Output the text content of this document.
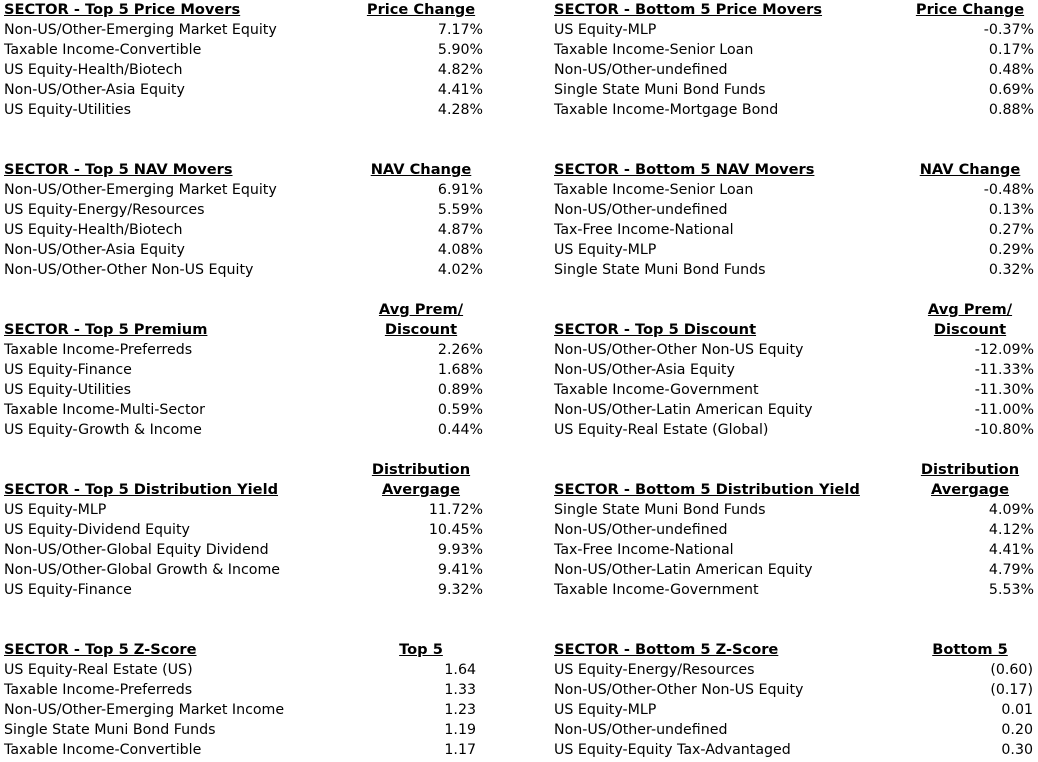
SECTOR - Top 5 Price Movers	Price Change
Non-US/Other-Emerging Market Equity	7.17%
Taxable Income-Convertible	5.90%
US Equity-Health/Biotech	4.82%
Non-US/Other-Asia Equity	4.41%
US Equity-Utilities	4.28%
SECTOR - Bottom 5 Price Movers	Price Change
US Equity-MLP	-0.37%
Taxable Income-Senior Loan	0.17%
Non-US/Other-undefined	0.48%
Single State Muni Bond Funds	0.69%
Taxable Income-Mortgage Bond	0.88%
SECTOR - Top 5 NAV Movers	NAV Change
Non-US/Other-Emerging Market Equity	6.91%
US Equity-Energy/Resources	5.59%
US Equity-Health/Biotech	4.87%
Non-US/Other-Asia Equity	4.08%
Non-US/Other-Other Non-US Equity	4.02%
SECTOR - Bottom 5 NAV Movers	NAV Change
Taxable Income-Senior Loan	-0.48%
Non-US/Other-undefined	0.13%
Tax-Free Income-National	0.27%
US Equity-MLP	0.29%
Single State Muni Bond Funds	0.32%
Avg Prem/
SECTOR - Top 5 Premium	Discount
Taxable Income-Preferreds	2.26%
US Equity-Finance	1.68%
US Equity-Utilities	0.89%
Taxable Income-Multi-Sector	0.59%
US Equity-Growth & Income	0.44%
Avg Prem/
SECTOR - Top 5 Discount	Discount
Non-US/Other-Other Non-US Equity	-12.09%
Non-US/Other-Asia Equity	-11.33%
Taxable Income-Government	-11.30%
Non-US/Other-Latin American Equity	-11.00%
US Equity-Real Estate (Global)	-10.80%
Distribution
SECTOR - Top 5 Distribution Yield	Avergage
US Equity-MLP	11.72%
US Equity-Dividend Equity	10.45%
Non-US/Other-Global Equity Dividend	9.93%
Non-US/Other-Global Growth & Income	9.41%
US Equity-Finance	9.32%
Distribution
SECTOR - Bottom 5 Distribution Yield	Avergage
Single State Muni Bond Funds	4.09%
Non-US/Other-undefined	4.12%
Tax-Free Income-National	4.41%
Non-US/Other-Latin American Equity	4.79%
Taxable Income-Government	5.53%
SECTOR - Top 5 Z-Score	Top 5
US Equity-Real Estate (US)	1.64
Taxable Income-Preferreds	1.33
Non-US/Other-Emerging Market Income	1.23
Single State Muni Bond Funds	1.19
Taxable Income-Convertible	1.17
SECTOR - Bottom 5 Z-Score	Bottom 5
US Equity-Energy/Resources	(0.60)
Non-US/Other-Other Non-US Equity	(0.17)
US Equity-MLP	0.01
Non-US/Other-undefined	0.20
US Equity-Equity Tax-Advantaged	0.30
